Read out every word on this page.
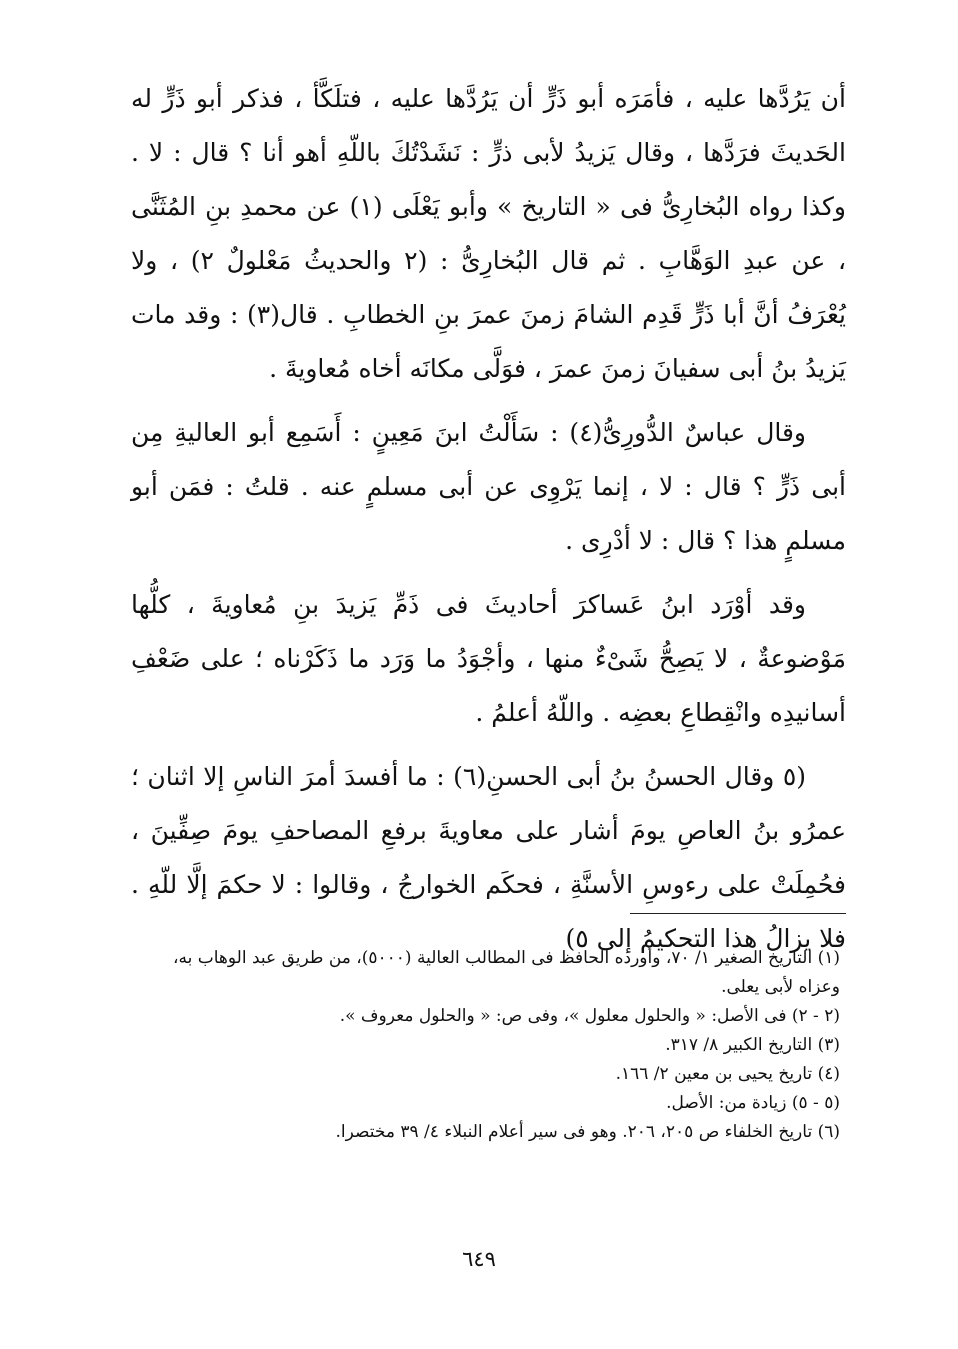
أن يَرُدَّها عليه ، فأمَرَه أبو ذَرٍّ أن يَرُدَّها عليه ، فتلَكَّأ ، فذكر أبو ذَرٍّ له الحَديثَ فرَدَّها ، وقال يَزيدُ لأبى ذرٍّ : نَشَدْتُكَ باللّهِ أهو أنا ؟ قال : لا . وكذا رواه البُخارِىُّ فى « التاريخ » وأبو يَعْلَى (١) عن محمدِ بنِ المُثَنَّى ، عن عبدِ الوَهَّابِ . ثم قال البُخارِىُّ : (٢ والحديثُ مَعْلولٌ ٢) ، ولا يُعْرَفُ أنَّ أبا ذَرٍّ قَدِم الشامَ زمنَ عمرَ بنِ الخطابِ . قال(٣) : وقد مات يَزيدُ بنُ أبى سفيانَ زمنَ عمرَ ، فوَلَّى مكانَه أخاه مُعاويةَ .

وقال عباسٌ الدُّورِىُّ(٤) : سَأَلْتُ ابنَ مَعِينٍ : أَسَمِع أبو العاليةِ مِن أبى ذَرٍّ ؟ قال : لا ، إنما يَرْوِى عن أبى مسلمٍ عنه . قلتُ : فمَن أبو مسلمٍ هذا ؟ قال : لا أدْرِى .

وقد أوْرَد ابنُ عَساكرَ أحاديثَ فى ذَمِّ يَزيدَ بنِ مُعاويةَ ، كلُّها مَوْضوعةٌ ، لا يَصِحُّ شَىْءٌ منها ، وأجْوَدُ ما وَرَد ما ذَكَرْناه ؛ على ضَعْفِ أسانيدِه وانْقِطاعِ بعضِه . واللّهُ أعلمُ .

(٥ وقال الحسنُ بنُ أبى الحسنِ(٦) : ما أفسدَ أمرَ الناسِ إلا اثنان ؛ عمرُو بنُ العاصِ يومَ أشار على معاويةَ برفعِ المصاحفِ يومَ صِفِّينَ ، فحُمِلَتْ على رءوسِ الأسنَّةِ ، فحكَم الخوارجُ ، وقالوا : لا حكمَ إلَّا للّهِ . فلا يزالُ هذا التحكيمُ إلى ٥)

(١) التاريخ الصغير ١/ ٧٠، وأورده الحافظ فى المطالب العالية (٥٠٠٠)، من طريق عبد الوهاب به،
وعزاه لأبى يعلى.

(٢ - ٢) فى الأصل: « والحلول معلول »، وفى ص: « والحلول معروف ».

(٣) التاريخ الكبير ٨/ ٣١٧.

(٤) تاريخ يحيى بن معين ٢/ ١٦٦.

(٥ - ٥) زيادة من: الأصل.

(٦) تاريخ الخلفاء ص ٢٠٥، ٢٠٦. وهو فى سير أعلام النبلاء ٤/ ٣٩ مختصرا.

٦٤٩
